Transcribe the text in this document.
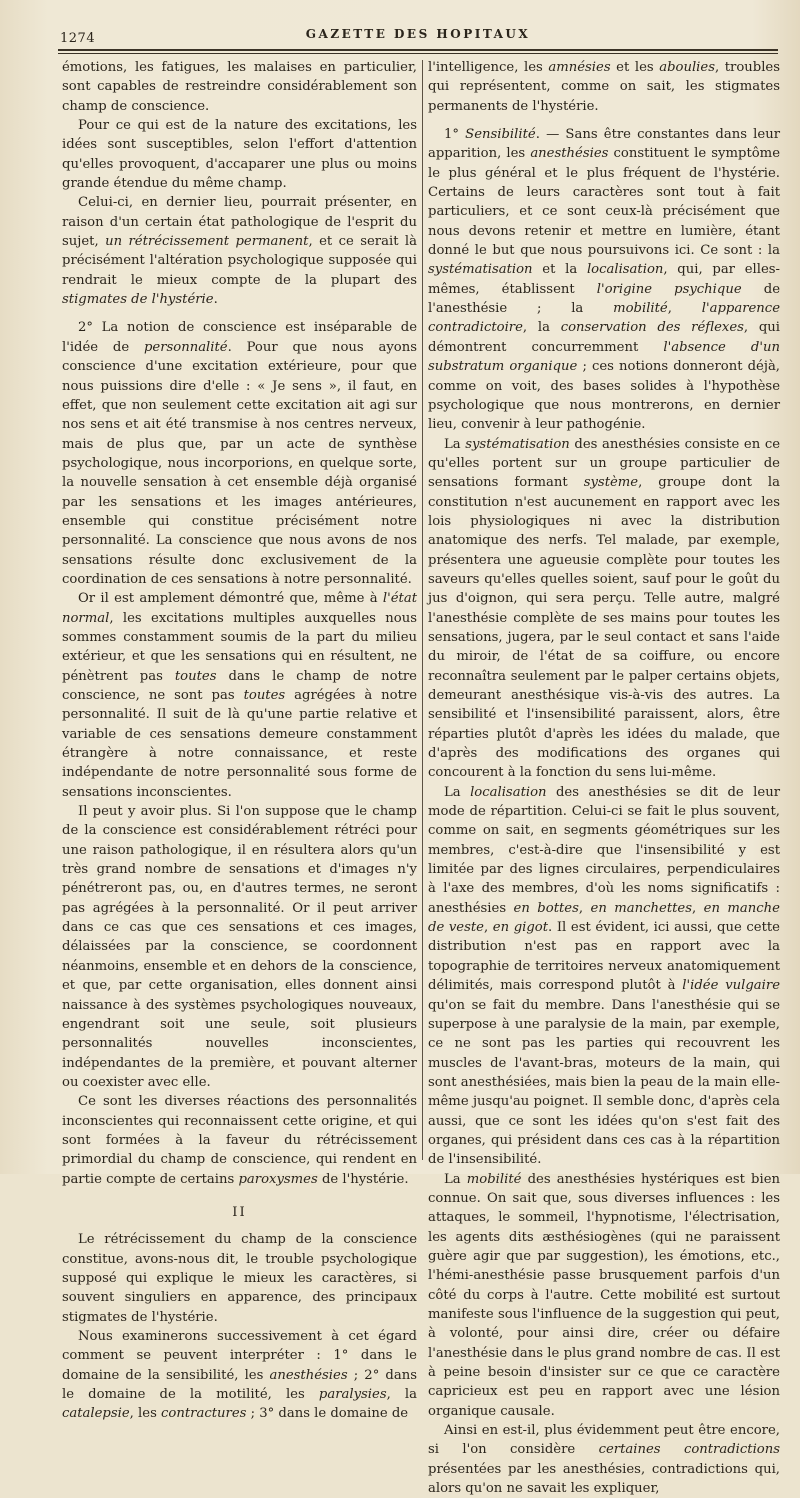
1274	GAZETTE DES HOPITAUX

émotions, les fatigues, les malaises en particulier, sont capables de restreindre considérablement son champ de conscience.

Pour ce qui est de la nature des excitations, les idées sont susceptibles, selon l'effort d'attention qu'elles provoquent, d'accaparer une plus ou moins grande étendue du même champ.

Celui-ci, en dernier lieu, pourrait présenter, en raison d'un certain état pathologique de l'esprit du sujet, un rétrécissement permanent, et ce serait là précisément l'altération psychologique supposée qui rendrait le mieux compte de la plupart des stigmates de l'hystérie.

2° La notion de conscience est inséparable de l'idée de personnalité. Pour que nous ayons conscience d'une excitation extérieure, pour que nous puissions dire d'elle : « Je sens », il faut, en effet, que non seulement cette excitation ait agi sur nos sens et ait été transmise à nos centres nerveux, mais de plus que, par un acte de synthèse psychologique, nous incorporions, en quelque sorte, la nouvelle sensation à cet ensemble déjà organisé par les sensations et les images antérieures, ensemble qui constitue précisément notre personnalité. La conscience que nous avons de nos sensations résulte donc exclusivement de la coordination de ces sensations à notre personnalité.

Or il est amplement démontré que, même à l'état normal, les excitations multiples auxquelles nous sommes constamment soumis de la part du milieu extérieur, et que les sensations qui en résultent, ne pénètrent pas toutes dans le champ de notre conscience, ne sont pas toutes agrégées à notre personnalité. Il suit de là qu'une partie relative et variable de ces sensations demeure constamment étrangère à notre connaissance, et reste indépendante de notre personnalité sous forme de sensations inconscientes.

Il peut y avoir plus. Si l'on suppose que le champ de la conscience est considérablement rétréci pour une raison pathologique, il en résultera alors qu'un très grand nombre de sensations et d'images n'y pénétreront pas, ou, en d'autres termes, ne seront pas agrégées à la personnalité. Or il peut arriver dans ce cas que ces sensations et ces images, délaissées par la conscience, se coordonnent néanmoins, ensemble et en dehors de la conscience, et que, par cette organisation, elles donnent ainsi naissance à des systèmes psychologiques nouveaux, engendrant soit une seule, soit plusieurs personnalités nouvelles inconscientes, indépendantes de la première, et pouvant alterner ou coexister avec elle.

Ce sont les diverses réactions des personnalités inconscientes qui reconnaissent cette origine, et qui sont formées à la faveur du rétrécissement primordial du champ de conscience, qui rendent en partie compte de certains paroxysmes de l'hystérie.

II

Le rétrécissement du champ de la conscience constitue, avons-nous dit, le trouble psychologique supposé qui explique le mieux les caractères, si souvent singuliers en apparence, des principaux stigmates de l'hystérie.

Nous examinerons successivement à cet égard comment se peuvent interpréter : 1° dans le domaine de la sensibilité, les anesthésies ; 2° dans le domaine de la motilité, les paralysies, la catalepsie, les contractures ; 3° dans le domaine de

l'intelligence, les amnésies et les aboulies, troubles qui représentent, comme on sait, les stigmates permanents de l'hystérie.

1° Sensibilité. — Sans être constantes dans leur apparition, les anesthésies constituent le symptôme le plus général et le plus fréquent de l'hystérie. Certains de leurs caractères sont tout à fait particuliers, et ce sont ceux-là précisément que nous devons retenir et mettre en lumière, étant donné le but que nous poursuivons ici. Ce sont : la systématisation et la localisation, qui, par elles-mêmes, établissent l'origine psychique de l'anesthésie ; la mobilité, l'apparence contradictoire, la conservation des réflexes, qui démontrent concurremment l'absence d'un substratum organique ; ces notions donneront déjà, comme on voit, des bases solides à l'hypothèse psychologique que nous montrerons, en dernier lieu, convenir à leur pathogénie.

La systématisation des anesthésies consiste en ce qu'elles portent sur un groupe particulier de sensations formant système, groupe dont la constitution n'est aucunement en rapport avec les lois physiologiques ni avec la distribution anatomique des nerfs. Tel malade, par exemple, présentera une agueusie complète pour toutes les saveurs qu'elles quelles soient, sauf pour le goût du jus d'oignon, qui sera perçu. Telle autre, malgré l'anesthésie complète de ses mains pour toutes les sensations, jugera, par le seul contact et sans l'aide du miroir, de l'état de sa coiffure, ou encore reconnaîtra seulement par le palper certains objets, demeurant anesthésique vis-à-vis des autres. La sensibilité et l'insensibilité paraissent, alors, être réparties plutôt d'après les idées du malade, que d'après des modifications des organes qui concourent à la fonction du sens lui-même.

La localisation des anesthésies se dit de leur mode de répartition. Celui-ci se fait le plus souvent, comme on sait, en segments géométriques sur les membres, c'est-à-dire que l'insensibilité y est limitée par des lignes circulaires, perpendiculaires à l'axe des membres, d'où les noms significatifs : anesthésies en bottes, en manchettes, en manche de veste, en gigot. Il est évident, ici aussi, que cette distribution n'est pas en rapport avec la topographie de territoires nerveux anatomiquement délimités, mais correspond plutôt à l'idée vulgaire qu'on se fait du membre. Dans l'anesthésie qui se superpose à une paralysie de la main, par exemple, ce ne sont pas les parties qui recouvrent les muscles de l'avant-bras, moteurs de la main, qui sont anesthésiées, mais bien la peau de la main elle-même jusqu'au poignet. Il semble donc, d'après cela aussi, que ce sont les idées qu'on s'est fait des organes, qui président dans ces cas à la répartition de l'insensibilité.

La mobilité des anesthésies hystériques est bien connue. On sait que, sous diverses influences : les attaques, le sommeil, l'hypnotisme, l'électrisation, les agents dits æsthésiogènes (qui ne paraissent guère agir que par suggestion), les émotions, etc., l'hémi-anesthésie passe brusquement parfois d'un côté du corps à l'autre. Cette mobilité est surtout manifeste sous l'influence de la suggestion qui peut, à volonté, pour ainsi dire, créer ou défaire l'anesthésie dans le plus grand nombre de cas. Il est à peine besoin d'insister sur ce que ce caractère capricieux est peu en rapport avec une lésion organique causale.

Ainsi en est-il, plus évidemment peut être encore, si l'on considère certaines contradictions présentées par les anesthésies, contradictions qui, alors qu'on ne savait les expliquer,
